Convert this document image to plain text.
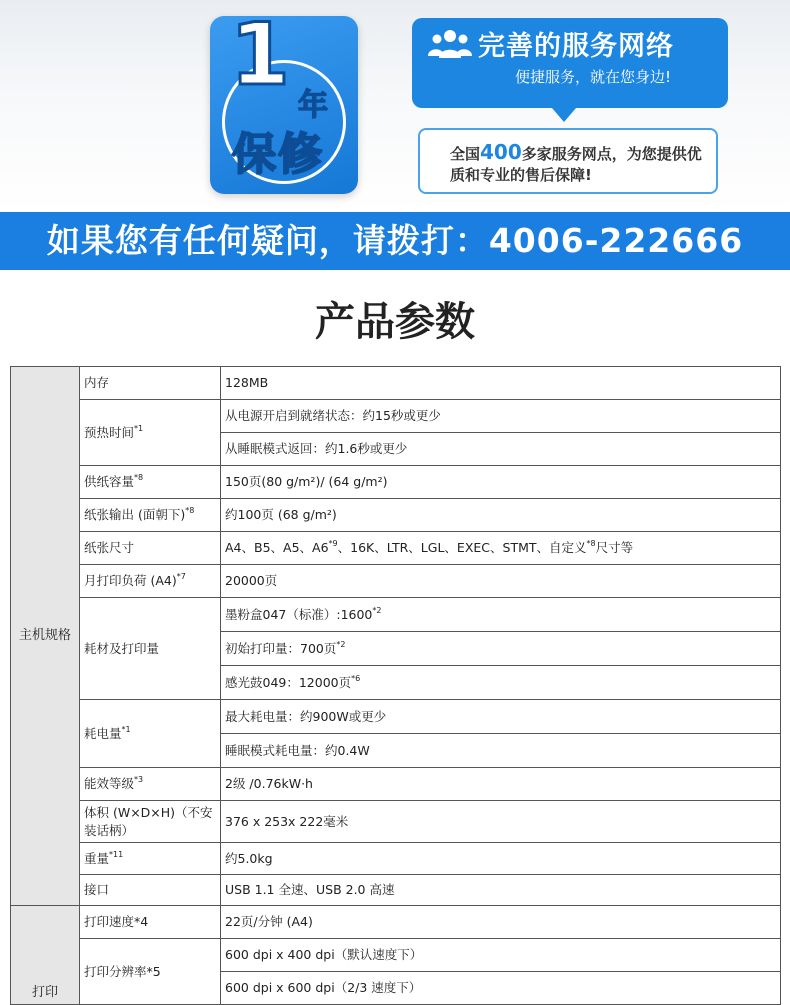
1
年
保修
完善的服务网络
便捷服务，就在您身边!
全国400多家服务网点，为您提供优质和专业的售后保障!
如果您有任何疑问，请拨打：4006-222666
产品参数
主机规格	内存	128MB
	预热时间$^{*1}$	从电源开启到就绪状态：约15秒或更少
		从睡眠模式返回：约1.6秒或更少
	供纸容量$^{*8}$	150页(80 g/m²)/ (64 g/m²)
	纸张输出 (面朝下)$^{*8}$	约100页 (68 g/m²)
	纸张尺寸	A4、B5、A5、A6$^{*9}$、16K、LTR、LGL、EXEC、STMT、自定义$^{*8}$尺寸等
	月打印负荷 $(A4)^{*7}$	20000页
	耗材及打印量	墨粉盒047（标准）:1600$^{*2}$
		初始打印量：700页$^{*2}$
		感光鼓049：12000页$^{*6}$
	耗电量$^{*1}$	最大耗电量：约900W或更少
		睡眠模式耗电量：约0.4W
	能效等级$^{*3}$	2级 /0.76kW·h
	体积 (W×D×H)（不安装话柄）	376 x 253x 222毫米
	重量$^{*11}$	约5.0kg
	接口	USB 1.1 全速、USB 2.0 高速
打印	打印速度*4	22页/分钟 (A4)
	打印分辨率*5	600 dpi x 400 dpi（默认速度下）
		600 dpi x 600 dpi（2/3 速度下）
